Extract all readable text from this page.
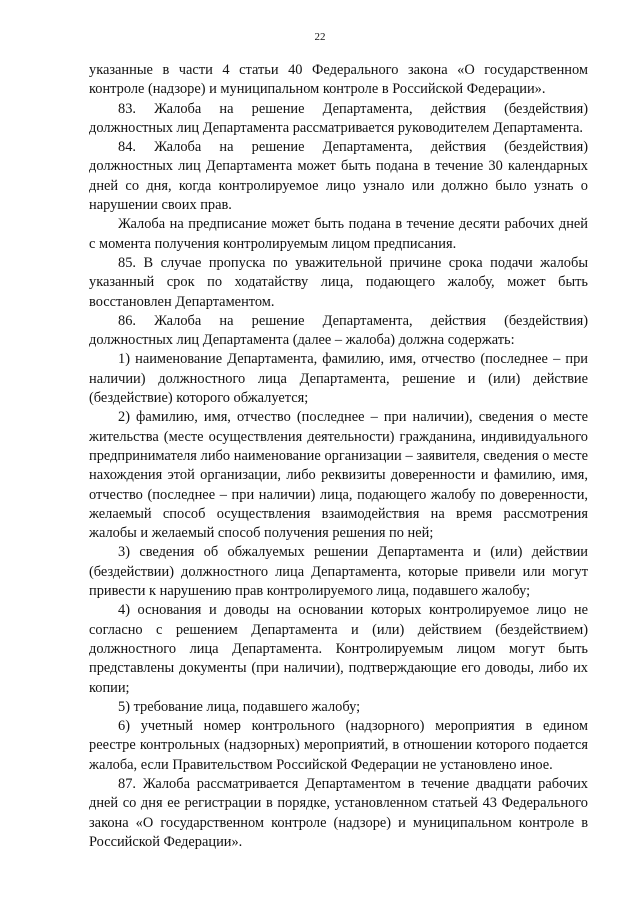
22

указанные в части 4 статьи 40 Федерального закона «О государственном контроле (надзоре) и муниципальном контроле в Российской Федерации».

83. Жалоба на решение Департамента, действия (бездействия) должностных лиц Департамента рассматривается руководителем Департамента.

84. Жалоба на решение Департамента, действия (бездействия) должностных лиц Департамента может быть подана в течение 30 календарных дней со дня, когда контролируемое лицо узнало или должно было узнать о нарушении своих прав.

Жалоба на предписание может быть подана в течение десяти рабочих дней с момента получения контролируемым лицом предписания.

85. В случае пропуска по уважительной причине срока подачи жалобы указанный срок по ходатайству лица, подающего жалобу, может быть восстановлен Департаментом.

86. Жалоба на решение Департамента, действия (бездействия) должностных лиц Департамента (далее – жалоба) должна содержать:

1) наименование Департамента, фамилию, имя, отчество (последнее – при наличии) должностного лица Департамента, решение и (или) действие (бездействие) которого обжалуется;

2) фамилию, имя, отчество (последнее – при наличии), сведения о месте жительства (месте осуществления деятельности) гражданина, индивидуального предпринимателя либо наименование организации – заявителя, сведения о месте нахождения этой организации, либо реквизиты доверенности и фамилию, имя, отчество (последнее – при наличии) лица, подающего жалобу по доверенности, желаемый способ осуществления взаимодействия на время рассмотрения жалобы и желаемый способ получения решения по ней;

3) сведения об обжалуемых решении Департамента и (или) действии (бездействии) должностного лица Департамента, которые привели или могут привести к нарушению прав контролируемого лица, подавшего жалобу;

4) основания и доводы на основании которых контролируемое лицо не согласно с решением Департамента и (или) действием (бездействием) должностного лица Департамента. Контролируемым лицом могут быть представлены документы (при наличии), подтверждающие его доводы, либо их копии;

5) требование лица, подавшего жалобу;

6) учетный номер контрольного (надзорного) мероприятия в едином реестре контрольных (надзорных) мероприятий, в отношении которого подается жалоба, если Правительством Российской Федерации не установлено иное.

87. Жалоба рассматривается Департаментом в течение двадцати рабочих дней со дня ее регистрации в порядке, установленном статьей 43 Федерального закона «О государственном контроле (надзоре) и муниципальном контроле в Российской Федерации».
